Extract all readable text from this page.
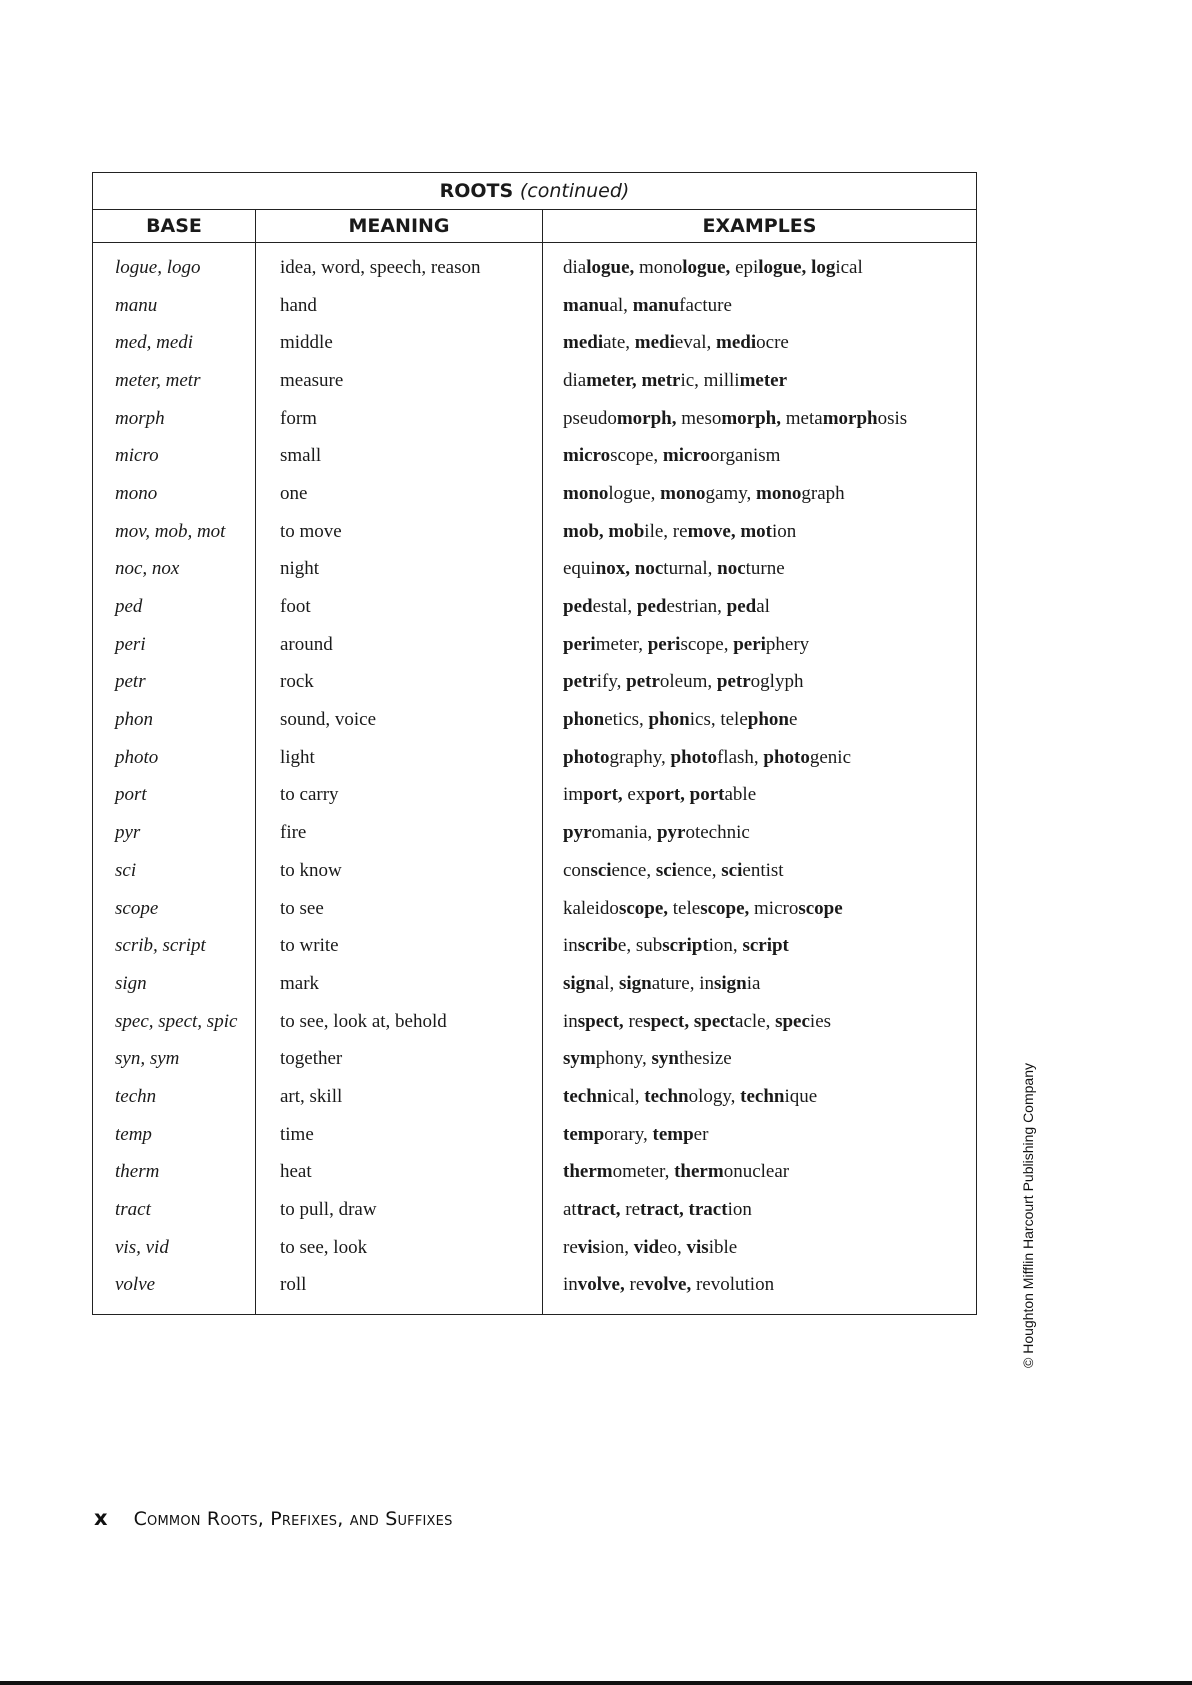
ROOTS (continued)		
BASE	MEANING	EXAMPLES
logue, logo	idea, word, speech, reason	dialogue, monologue, epilogue, logical
manu	hand	manual, manufacture
med, medi	middle	mediate, medieval, mediocre
meter, metr	measure	diameter, metric, millimeter
morph	form	pseudomorph, mesomorph, metamorphosis
micro	small	microscope, microorganism
mono	one	monologue, monogamy, monograph
mov, mob, mot	to move	mob, mobile, remove, motion
noc, nox	night	equinox, nocturnal, nocturne
ped	foot	pedestal, pedestrian, pedal
peri	around	perimeter, periscope, periphery
petr	rock	petrify, petroleum, petroglyph
phon	sound, voice	phonetics, phonics, telephone
photo	light	photography, photoflash, photogenic
port	to carry	import, export, portable
pyr	fire	pyromania, pyrotechnic
sci	to know	conscience, science, scientist
scope	to see	kaleidoscope, telescope, microscope
scrib, script	to write	inscribe, subscription, script
sign	mark	signal, signature, insignia
spec, spect, spic	to see, look at, behold	inspect, respect, spectacle, species
syn, sym	together	symphony, synthesize
techn	art, skill	technical, technology, technique
temp	time	temporary, temper
therm	heat	thermometer, thermonuclear
tract	to pull, draw	attract, retract, traction
vis, vid	to see, look	revision, video, visible
volve	roll	involve, revolve, revolution
x Common Roots, Prefixes, and Suffixes
© Houghton Mifflin Harcourt Publishing Company
